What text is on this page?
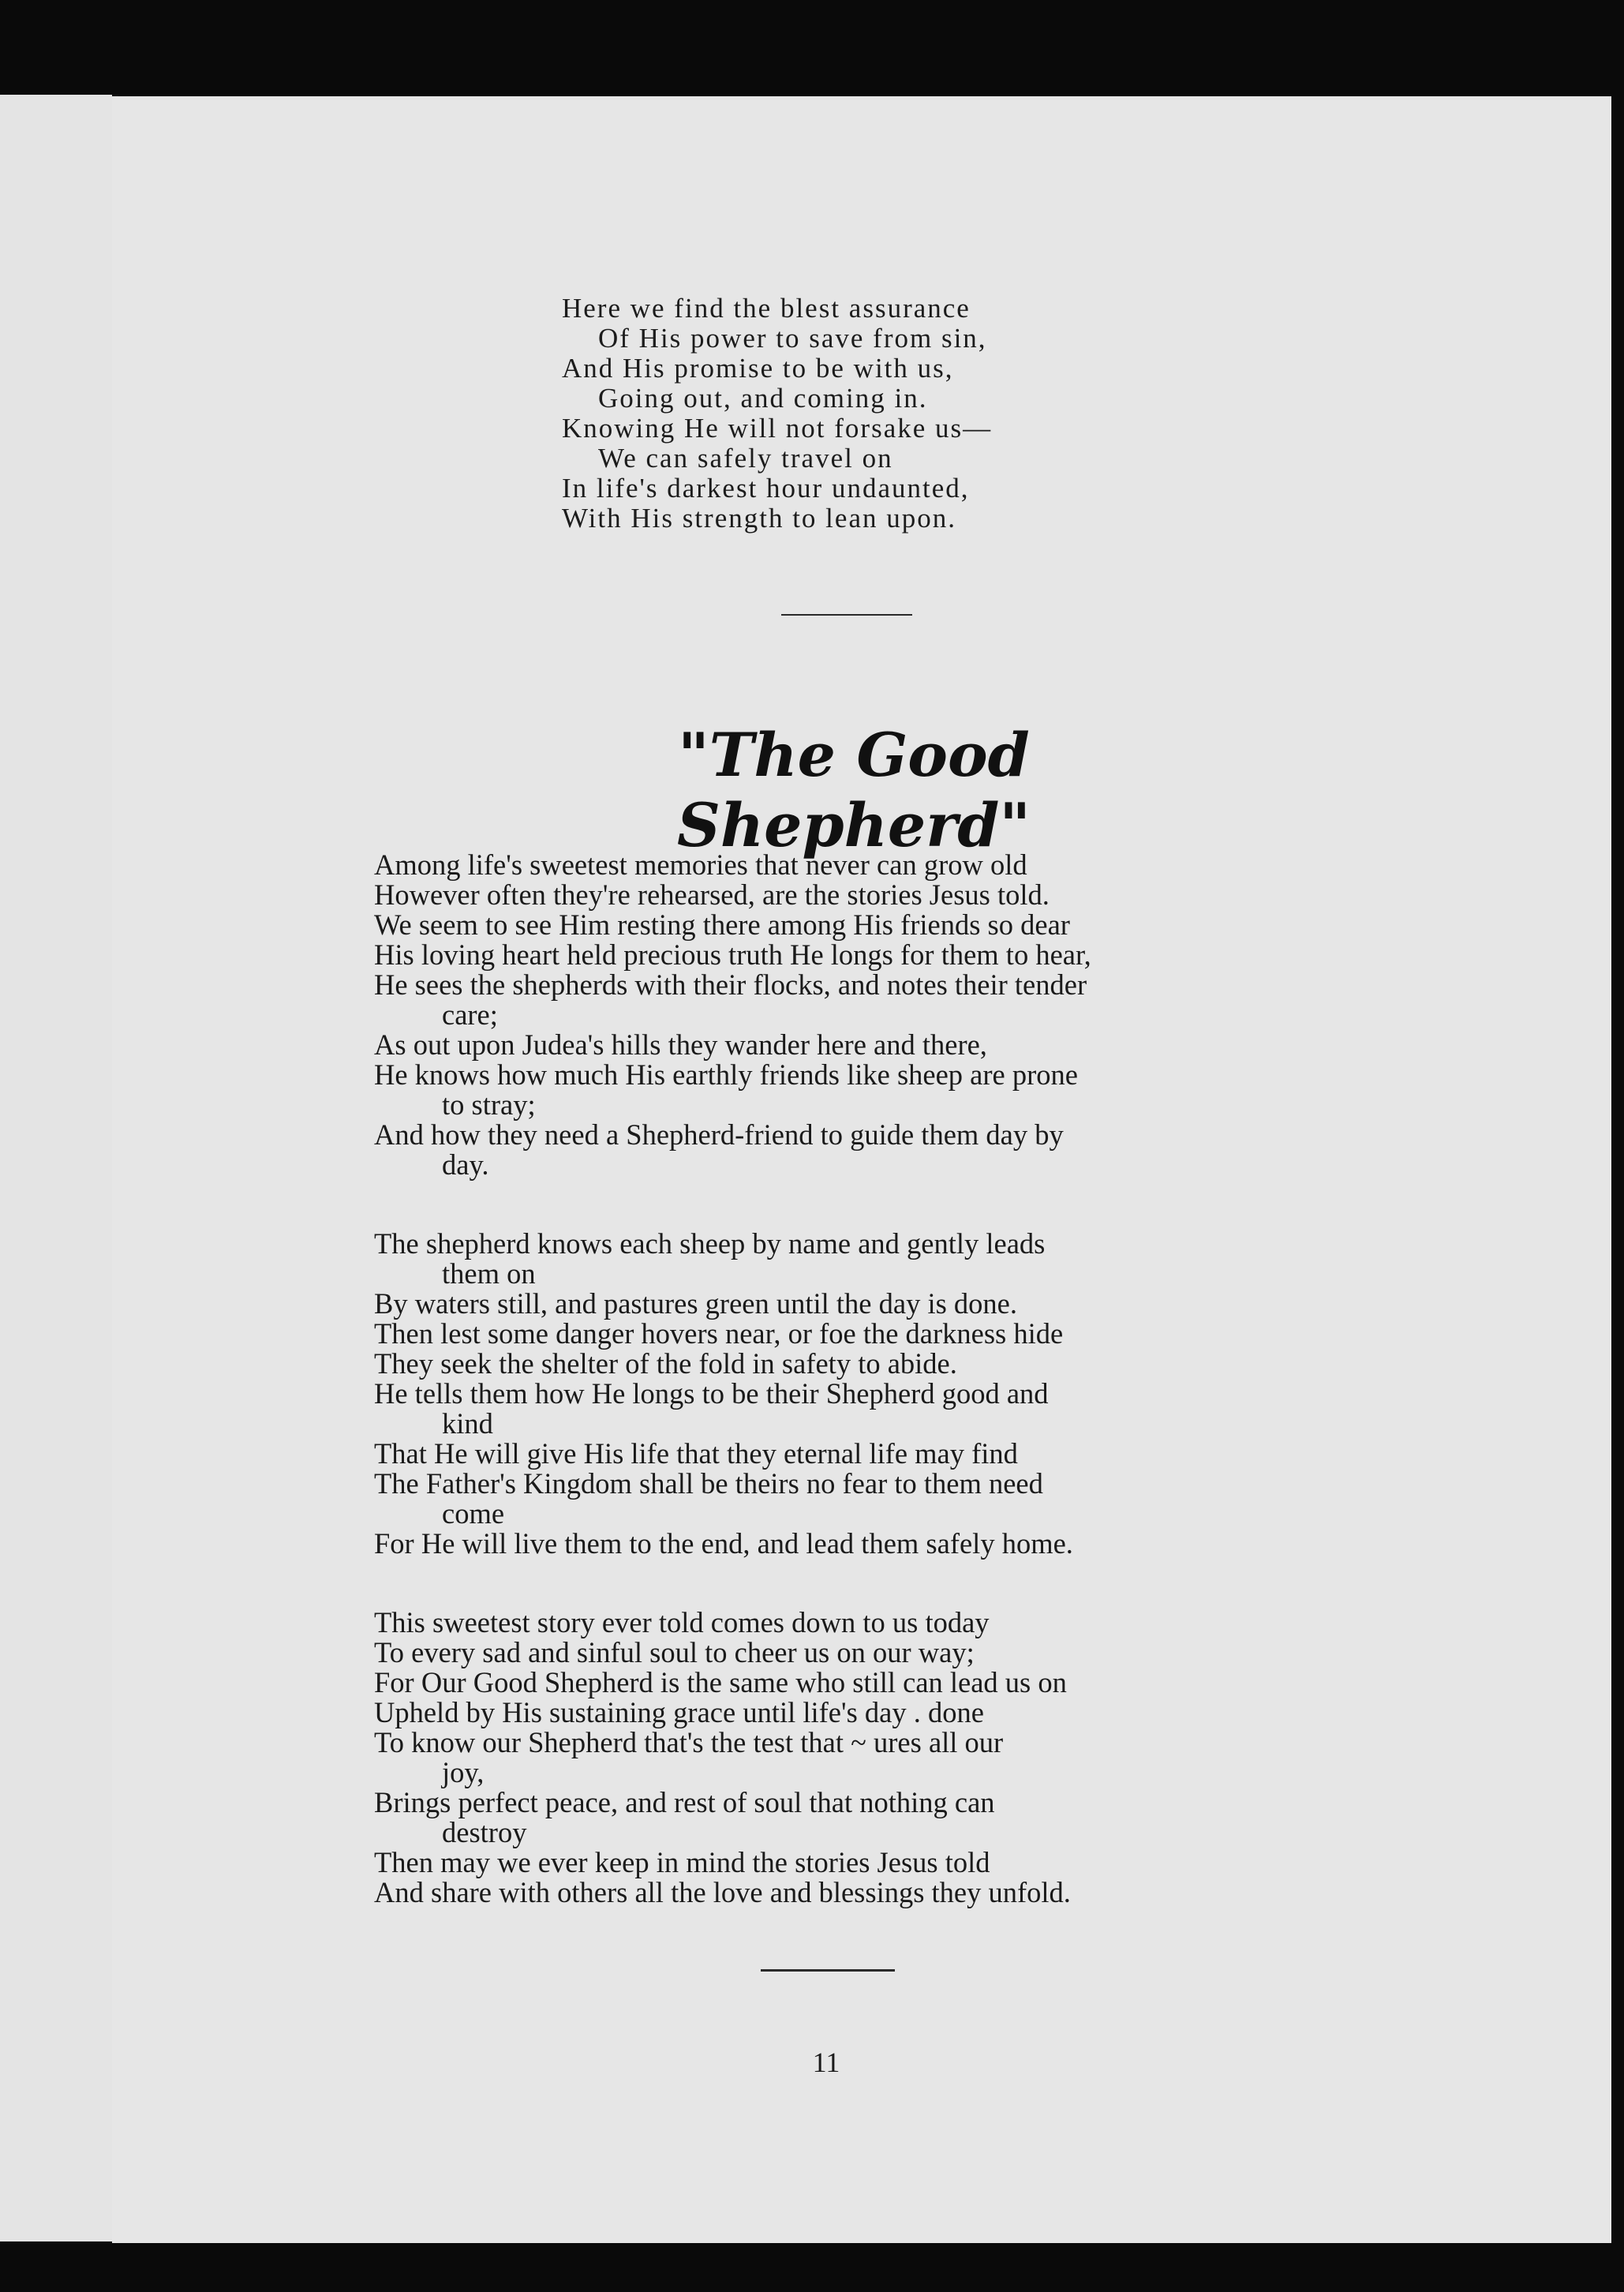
Here we find the blest assurance
Of His power to save from sin,
And His promise to be with us,
Going out, and coming in.
Knowing He will not forsake us—
We can safely travel on
In life's darkest hour undaunted,
With His strength to lean upon.
"The Good Shepherd"
Among life's sweetest memories that never can grow old
However often they're rehearsed, are the stories Jesus told.
We seem to see Him resting there among His friends so dear
His loving heart held precious truth He longs for them to hear,
He sees the shepherds with their flocks, and notes their tender
care;
As out upon Judea's hills they wander here and there,
He knows how much His earthly friends like sheep are prone
to stray;
And how they need a Shepherd-friend to guide them day by
day.
The shepherd knows each sheep by name and gently leads
them on
By waters still, and pastures green until the day is done.
Then lest some danger hovers near, or foe the darkness hide
They seek the shelter of the fold in safety to abide.
He tells them how He longs to be their Shepherd good and
kind
That He will give His life that they eternal life may find
The Father's Kingdom shall be theirs no fear to them need
come
For He will live them to the end, and lead them safely home.
This sweetest story ever told comes down to us today
To every sad and sinful soul to cheer us on our way;
For Our Good Shepherd is the same who still can lead us on
Upheld by His sustaining grace until life's day . done
To know our Shepherd that's the test that ~ ures all our
joy,
Brings perfect peace, and rest of soul that nothing can
destroy
Then may we ever keep in mind the stories Jesus told
And share with others all the love and blessings they unfold.
11
